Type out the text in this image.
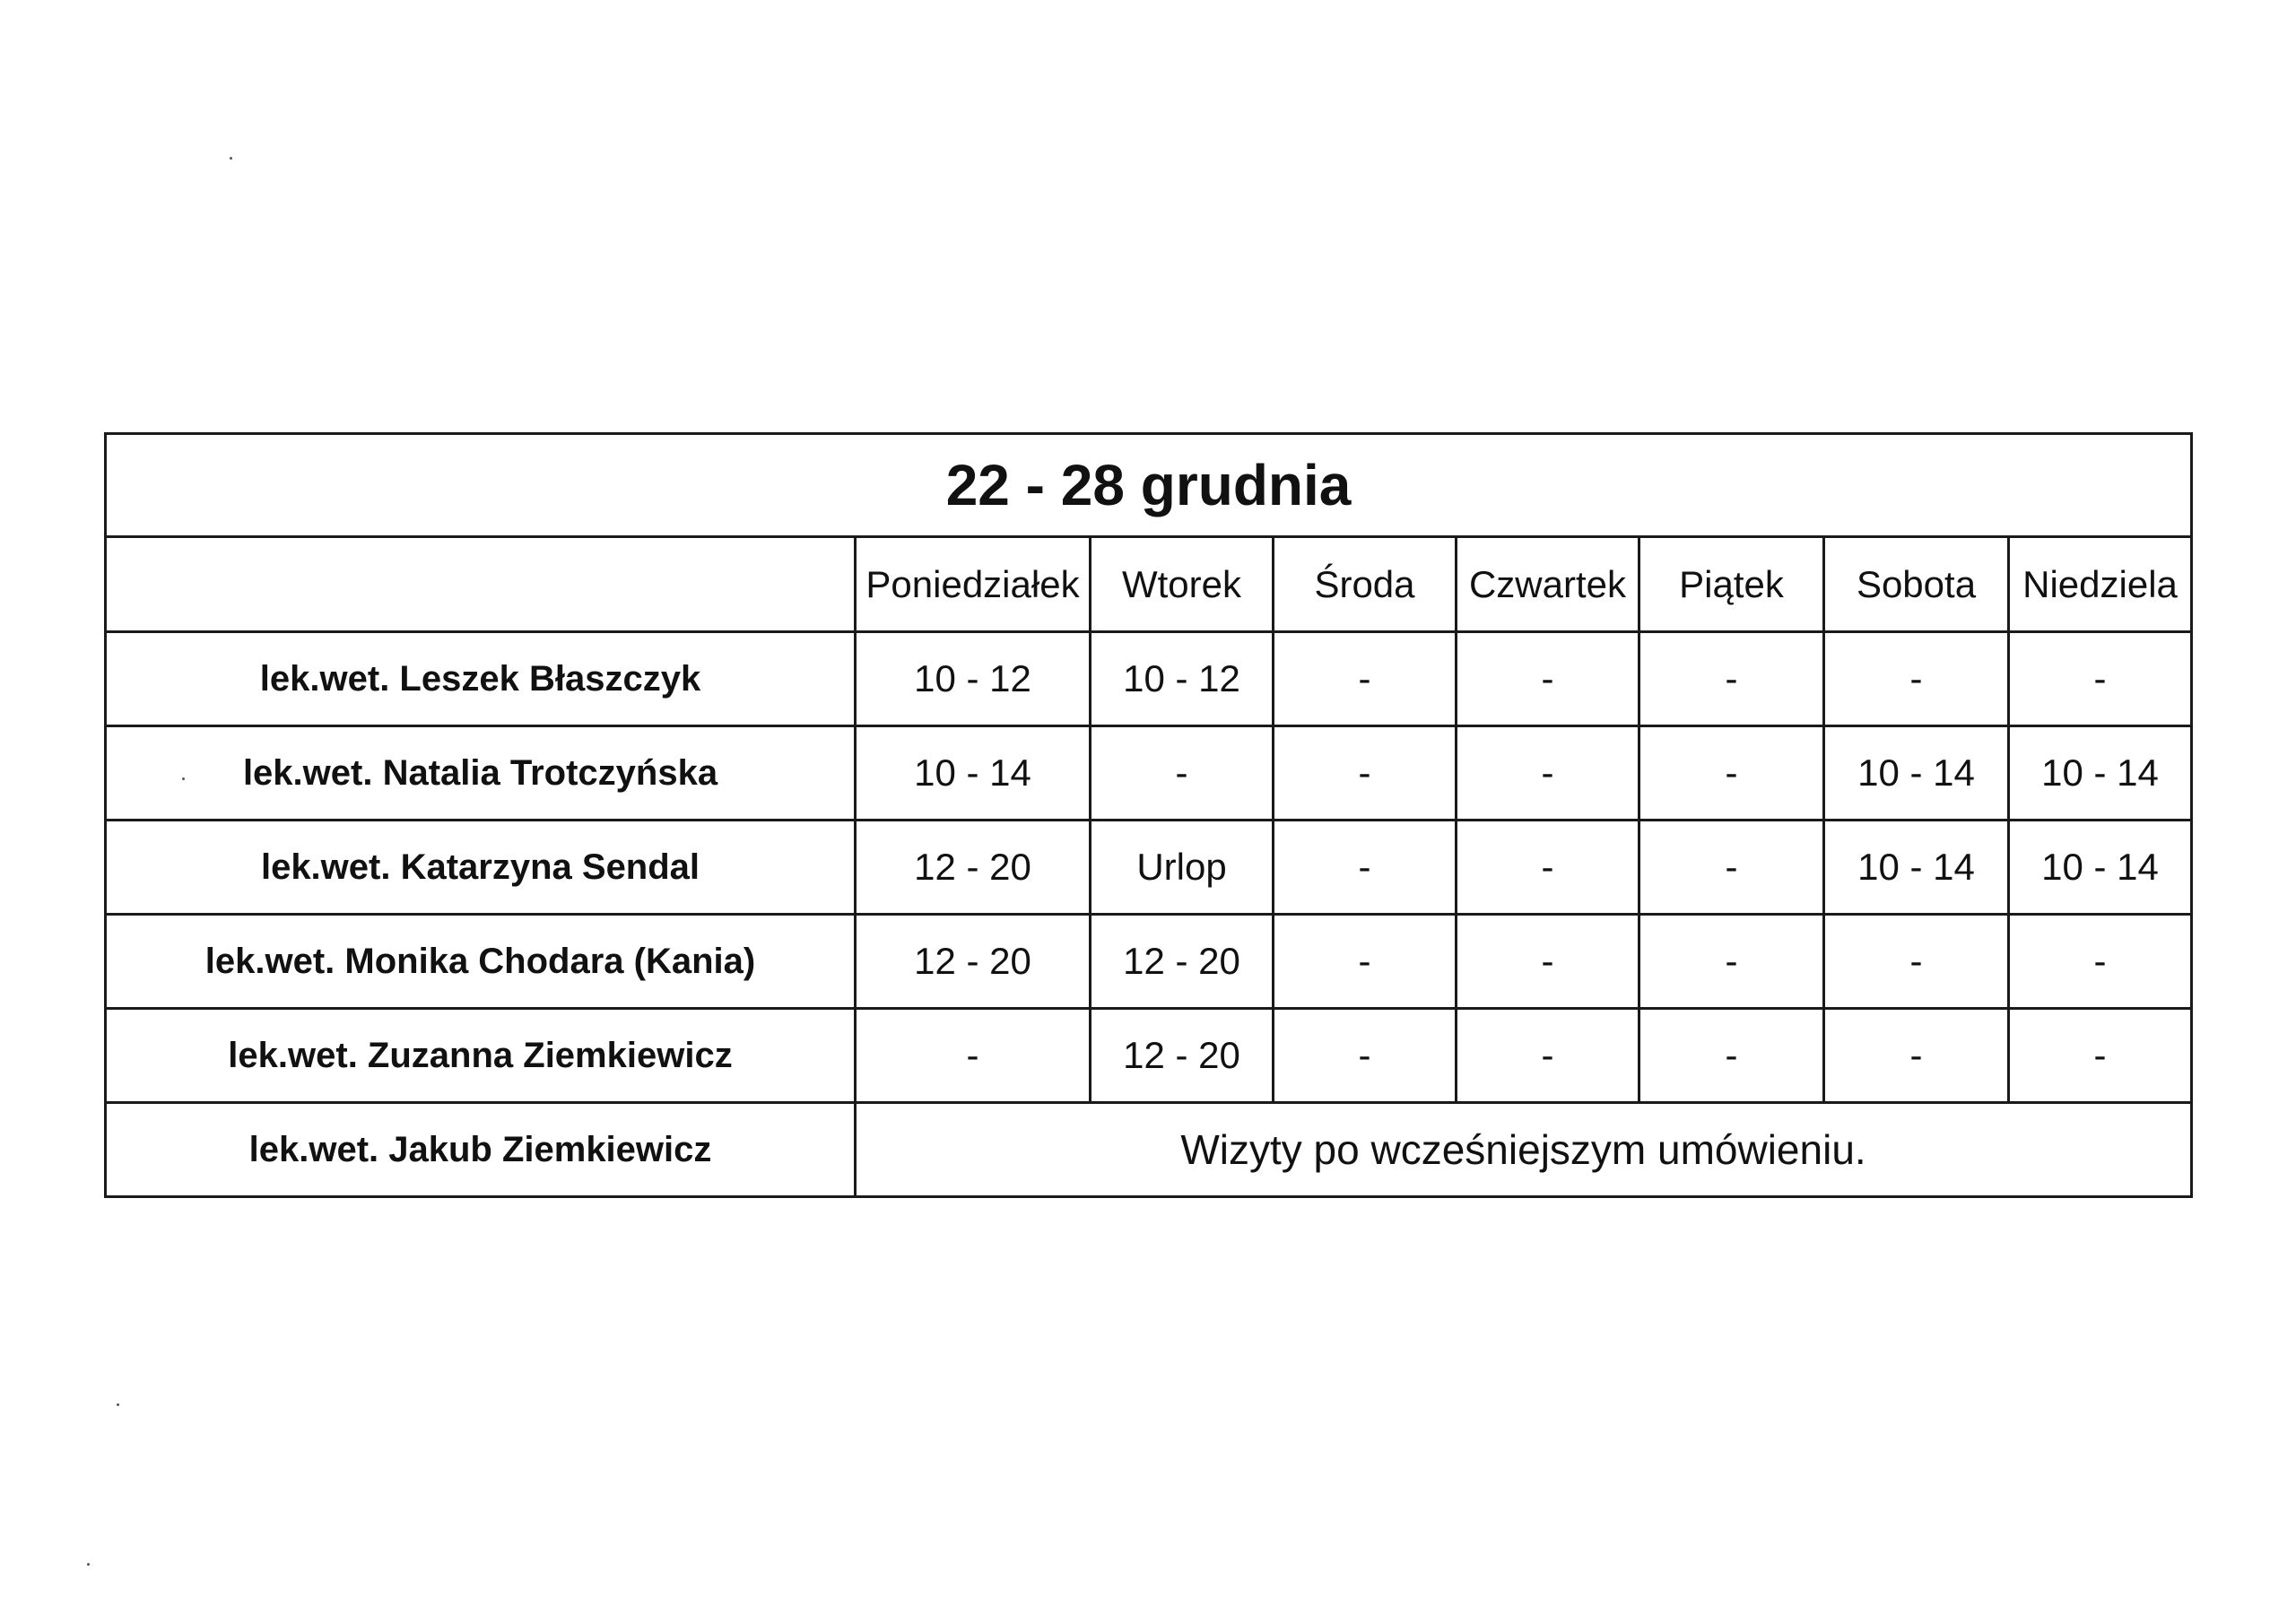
22 - 28 grudnia							
	Poniedziałek	Wtorek	Środa	Czwartek	Piątek	Sobota	Niedziela
lek.wet. Leszek Błaszczyk	10 - 12	10 - 12	-	-	-	-	-
lek.wet. Natalia Trotczyńska	10 - 14	-	-	-	-	10 - 14	10 - 14
lek.wet. Katarzyna Sendal	12 - 20	Urlop	-	-	-	10 - 14	10 - 14
lek.wet. Monika Chodara (Kania)	12 - 20	12 - 20	-	-	-	-	-
lek.wet. Zuzanna Ziemkiewicz	-	12 - 20	-	-	-	-	-
lek.wet. Jakub Ziemkiewicz	Wizyty po wcześniejszym umówieniu.						
